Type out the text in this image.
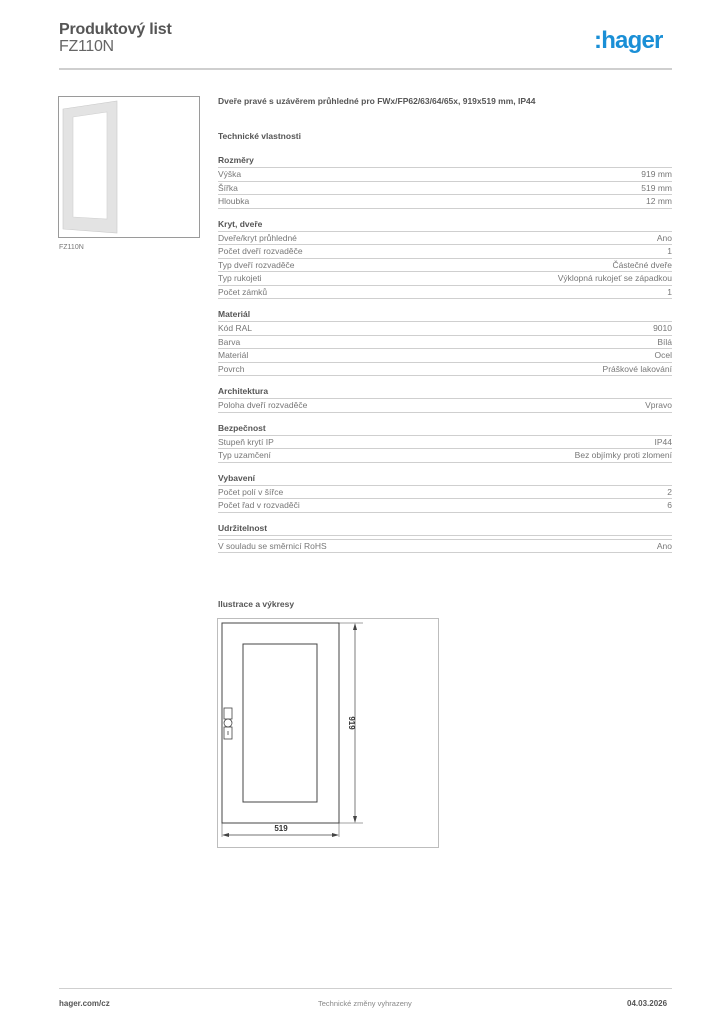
Produktový list
FZ110N	:hager
FZ110N
Dveře pravé s uzávěrem průhledné pro FWx/FP62/63/64/65x, 919x519 mm, IP44
Technické vlastnosti
Rozměry
Výška	919 mm
Šířka	519 mm
Hloubka	12 mm
Kryt, dveře
Dveře/kryt průhledné	Ano
Počet dveří rozvaděče	1
Typ dveří rozvaděče	Částečné dveře
Typ rukojeti	Výklopná rukojeť se západkou
Počet zámků	1
Materiál
Kód RAL	9010
Barva	Bílá
Materiál	Ocel
Povrch	Práškové lakování
Architektura
Poloha dveří rozvaděče	Vpravo
Bezpečnost
Stupeň krytí IP	IP44
Typ uzamčení	Bez objímky proti zlomení
Vybavení
Počet polí v šířce	2
Počet řad v rozvaděči	6
Udržitelnost
V souladu se směrnicí RoHS	Ano
Ilustrace a výkresy
919
519
hager.com/cz	Technické změny vyhrazeny	04.03.2026
